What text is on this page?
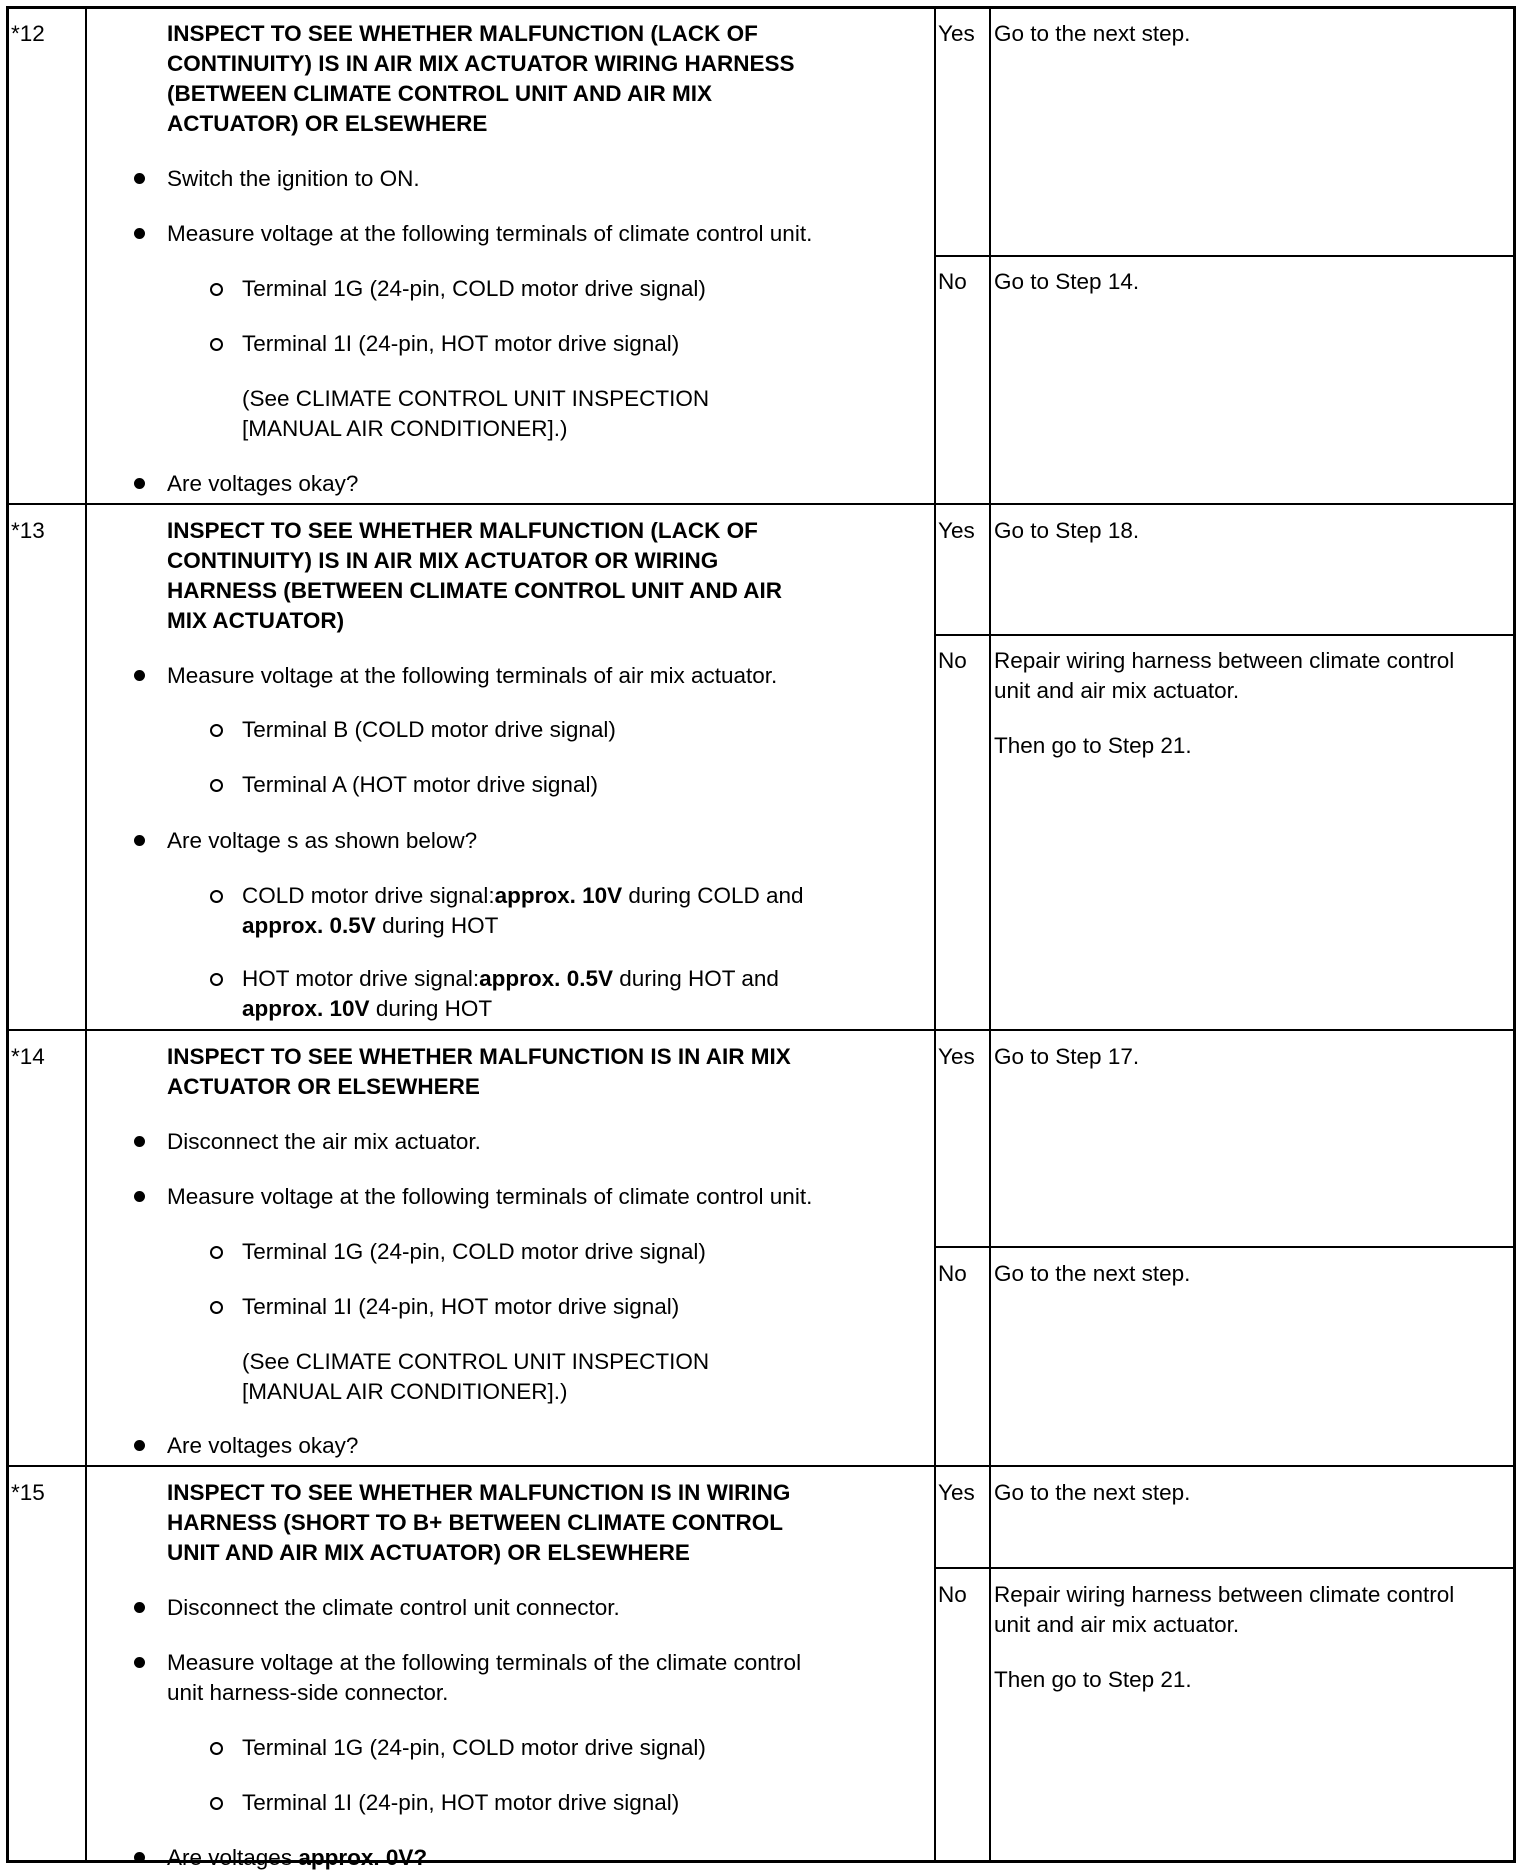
*12	INSPECT TO SEE WHETHER MALFUNCTION (LACK OF
CONTINUITY) IS IN AIR MIX ACTUATOR WIRING HARNESS
(BETWEEN CLIMATE CONTROL UNIT AND AIR MIX
ACTUATOR) OR ELSEWHERE
Switch the ignition to ON.
Measure voltage at the following terminals of climate control unit.
Terminal 1G (24-pin, COLD motor drive signal)
Terminal 1I (24-pin, HOT motor drive signal)
(See CLIMATE CONTROL UNIT INSPECTION
[MANUAL AIR CONDITIONER].)
Are voltages okay?
Yes Go to the next step.
No Go to Step 14.
*13	INSPECT TO SEE WHETHER MALFUNCTION (LACK OF
CONTINUITY) IS IN AIR MIX ACTUATOR OR WIRING
HARNESS (BETWEEN CLIMATE CONTROL UNIT AND AIR
MIX ACTUATOR)
Measure voltage at the following terminals of air mix actuator.
Terminal B (COLD motor drive signal)
Terminal A (HOT motor drive signal)
Are voltage s as shown below?
COLD motor drive signal:approx. 10V during COLD and
approx. 0.5V during HOT
HOT motor drive signal:approx. 0.5V during HOT and
approx. 10V during HOT
Yes Go to Step 18.
No Repair wiring harness between climate control
unit and air mix actuator.
Then go to Step 21.
*14	INSPECT TO SEE WHETHER MALFUNCTION IS IN AIR MIX
ACTUATOR OR ELSEWHERE
Disconnect the air mix actuator.
Measure voltage at the following terminals of climate control unit.
Terminal 1G (24-pin, COLD motor drive signal)
Terminal 1I (24-pin, HOT motor drive signal)
(See CLIMATE CONTROL UNIT INSPECTION
[MANUAL AIR CONDITIONER].)
Are voltages okay?
Yes Go to Step 17.
No Go to the next step.
*15	INSPECT TO SEE WHETHER MALFUNCTION IS IN WIRING
HARNESS (SHORT TO B+ BETWEEN CLIMATE CONTROL
UNIT AND AIR MIX ACTUATOR) OR ELSEWHERE
Disconnect the climate control unit connector.
Measure voltage at the following terminals of the climate control
unit harness-side connector.
Terminal 1G (24-pin, COLD motor drive signal)
Terminal 1I (24-pin, HOT motor drive signal)
Are voltages approx. 0V?
Yes Go to the next step.
No Repair wiring harness between climate control
unit and air mix actuator.
Then go to Step 21.
